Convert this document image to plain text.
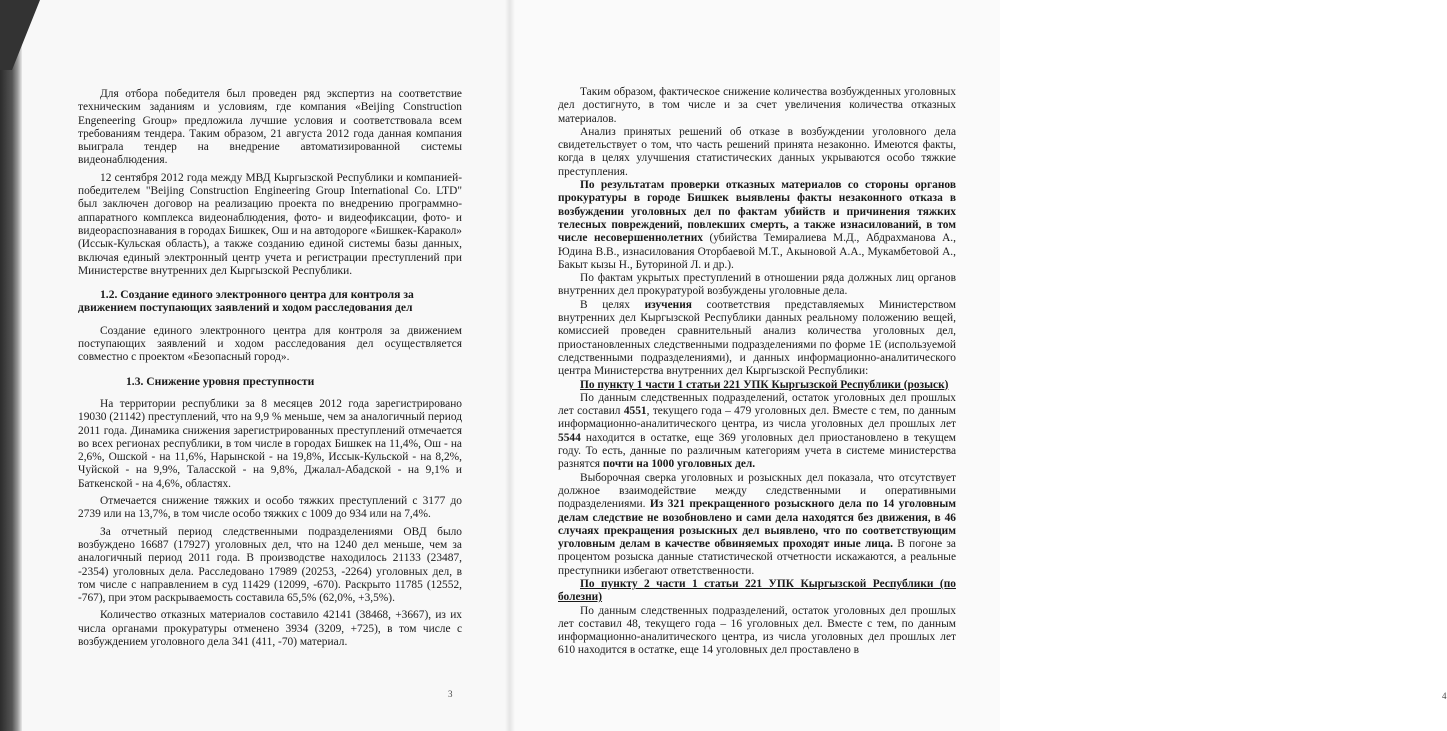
Для отбора победителя был проведен ряд экспертиз на соответствие техническим заданиям и условиям, где компания «Beijing Construction Engeneering Group» предложила лучшие условия и соответствовала всем требованиям тендера. Таким образом, 21 августа 2012 года данная компания выиграла тендер на внедрение автоматизированной системы видеонаблюдения.

12 сентября 2012 года между МВД Кыргызской Республики и компанией-победителем "Beijing Construction Engineering Group International Co. LTD" был заключен договор на реализацию проекта по внедрению программно-аппаратного комплекса видеонаблюдения, фото- и видеофиксации, фото- и видеораспознавания в городах Бишкек, Ош и на автодороге «Бишкек-Каракол» (Иссык-Кульская область), а также созданию единой системы базы данных, включая единый электронный центр учета и регистрации преступлений при Министерстве внутренних дел Кыргызской Республики.

1.2. Создание единого электронного центра для контроля за движением поступающих заявлений и ходом расследования дел

Создание единого электронного центра для контроля за движением поступающих заявлений и ходом расследования дел осуществляется совместно с проектом «Безопасный город».

1.3. Снижение уровня преступности

На территории республики за 8 месяцев 2012 года зарегистрировано 19030 (21142) преступлений, что на 9,9 % меньше, чем за аналогичный период 2011 года. Динамика снижения зарегистрированных преступлений отмечается во всех регионах республики, в том числе в городах Бишкек на 11,4%, Ош - на 2,6%, Ошской - на 11,6%, Нарынской - на 19,8%, Иссык-Кульской - на 8,2%, Чуйской - на 9,9%, Таласской - на 9,8%, Джалал-Абадской - на 9,1% и Баткенской - на 4,6%, областях.

Отмечается снижение тяжких и особо тяжких преступлений с 3177 до 2739 или на 13,7%, в том числе особо тяжких с 1009 до 934 или на 7,4%.

За отчетный период следственными подразделениями ОВД было возбуждено 16687 (17927) уголовных дел, что на 1240 дел меньше, чем за аналогичный период 2011 года. В производстве находилось 21133 (23487, -2354) уголовных дела. Расследовано 17989 (20253, -2264) уголовных дел, в том числе с направлением в суд 11429 (12099, -670). Раскрыто 11785 (12552, -767), при этом раскрываемость составила 65,5% (62,0%, +3,5%).

Количество отказных материалов составило 42141 (38468, +3667), из их числа органами прокуратуры отменено 3934 (3209, +725), в том числе с возбуждением уголовного дела 341 (411, -70) материал.

3

Таким образом, фактическое снижение количества возбужденных уголовных дел достигнуто, в том числе и за счет увеличения количества отказных материалов.

Анализ принятых решений об отказе в возбуждении уголовного дела свидетельствует о том, что часть решений принята незаконно. Имеются факты, когда в целях улучшения статистических данных укрываются особо тяжкие преступления.

По результатам проверки отказных материалов со стороны органов прокуратуры в городе Бишкек выявлены факты незаконного отказа в возбуждении уголовных дел по фактам убийств и причинения тяжких телесных повреждений, повлекших смерть, а также изнасилований, в том числе несовершеннолетних (убийства Темиралиева М.Д., Абдрахманова А., Юдина В.В., изнасилования Оторбаевой М.Т., Акыновой А.А., Мукамбетовой А., Бакыт кызы Н., Буториной Л. и др.).

По фактам укрытых преступлений в отношении ряда должных лиц органов внутренних дел прокуратурой возбуждены уголовные дела.

В целях изучения соответствия представляемых Министерством внутренних дел Кыргызской Республики данных реальному положению вещей, комиссией проведен сравнительный анализ количества уголовных дел, приостановленных следственными подразделениями по форме 1Е (используемой следственными подразделениями), и данных информационно-аналитического центра Министерства внутренних дел Кыргызской Республики:

По пункту 1 части 1 статьи 221 УПК Кыргызской Республики (розыск)

По данным следственных подразделений, остаток уголовных дел прошлых лет составил 4551, текущего года – 479 уголовных дел. Вместе с тем, по данным информационно-аналитического центра, из числа уголовных дел прошлых лет 5544 находится в остатке, еще 369 уголовных дел приостановлено в текущем году. То есть, данные по различным категориям учета в системе министерства разнятся почти на 1000 уголовных дел.

Выборочная сверка уголовных и розыскных дел показала, что отсутствует должное взаимодействие между следственными и оперативными подразделениями. Из 321 прекращенного розыскного дела по 14 уголовным делам следствие не возобновлено и сами дела находятся без движения, в 46 случаях прекращения розыскных дел выявлено, что по соответствующим уголовным делам в качестве обвиняемых проходят иные лица. В погоне за процентом розыска данные статистической отчетности искажаются, а реальные преступники избегают ответственности.

По пункту 2 части 1 статьи 221 УПК Кыргызской Республики (по болезни)

По данным следственных подразделений, остаток уголовных дел прошлых лет составил 48, текущего года – 16 уголовных дел. Вместе с тем, по данным информационно-аналитического центра, из числа уголовных дел прошлых лет 610 находится в остатке, еще 14 уголовных дел проставлено в

4
